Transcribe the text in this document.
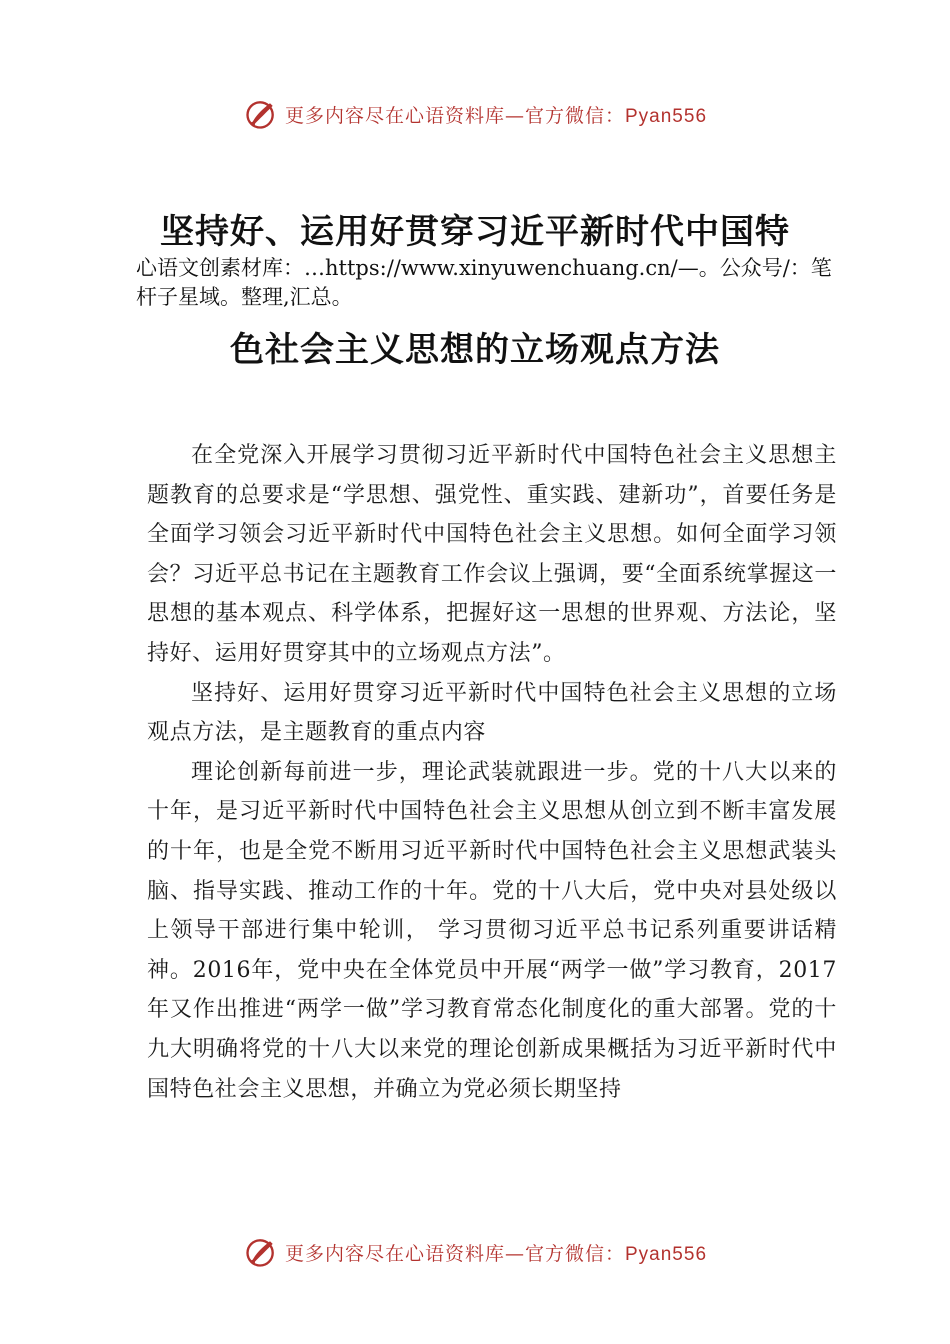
更多内容尽在心语资料库—官方微信：Pyan556
坚持好、运用好贯穿习近平新时代中国特

心语文创素材库：…https://www.xinyuwenchuang.cn/—。公众号/：笔杆子星域。整理,汇总。

色社会主义思想的立场观点方法

在全党深入开展学习贯彻习近平新时代中国特色社会主义思想主题教育的总要求是“学思想、强党性、重实践、建新功”，首要任务是全面学习领会习近平新时代中国特色社会主义思想。如何全面学习领会？习近平总书记在主题教育工作会议上强调，要“全面系统掌握这一思想的基本观点、科学体系，把握好这一思想的世界观、方法论，坚持好、运用好贯穿其中的立场观点方法”。

坚持好、运用好贯穿习近平新时代中国特色社会主义思想的立场观点方法，是主题教育的重点内容

理论创新每前进一步，理论武装就跟进一步。党的十八大以来的十年，是习近平新时代中国特色社会主义思想从创立到不断丰富发展的十年，也是全党不断用习近平新时代中国特色社会主义思想武装头脑、指导实践、推动工作的十年。党的十八大后，党中央对县处级以上领导干部进行集中轮训， 学习贯彻习近平总书记系列重要讲话精神。2016年，党中央在全体党员中开展“两学一做”学习教育，2017年又作出推进“两学一做”学习教育常态化制度化的重大部署。党的十九大明确将党的十八大以来党的理论创新成果概括为习近平新时代中国特色社会主义思想，并确立为党必须长期坚持

更多内容尽在心语资料库—官方微信：Pyan556
